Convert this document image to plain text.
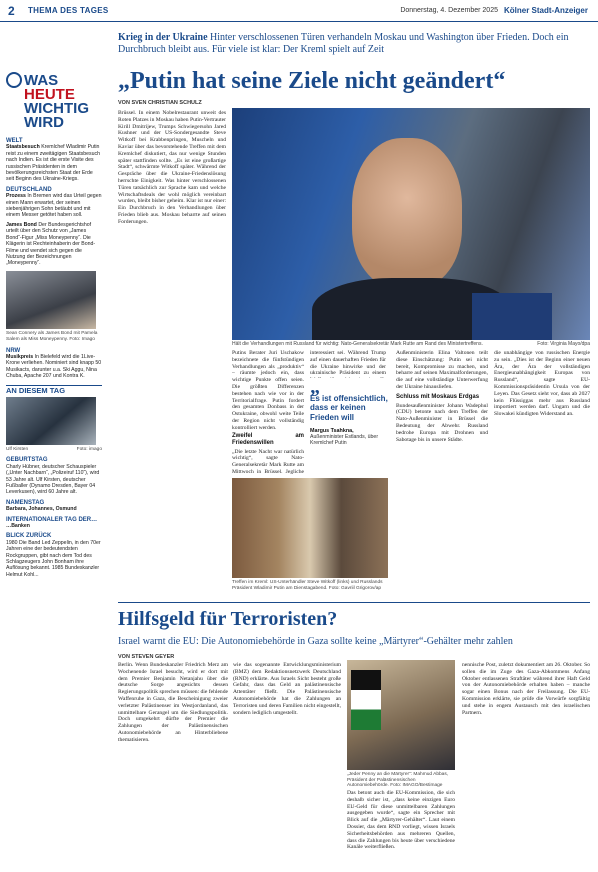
2	THEMA DES TAGES	Donnerstag, 4. Dezember 2025 Kölner Stadt-Anzeiger
WAS HEUTE
WICHTIG
WIRD
WELT
Staatsbesuch Kremlchef Wladimir Putin reist zu einem zweitägigen Staatsbesuch nach Indien. Es ist die erste Visite des russischen Präsidenten in dem bevölkerungsreichsten Staat der Erde seit Beginn des Ukraine-Kriegs.
DEUTSCHLAND
Prozess In Bremen wird das Urteil gegen einen Mann erwartet, der seinen siebenjährigen Sohn betäubt und mit einem Messer getötet haben soll.
James Bond Der Bundesgerichtshof urteilt über den Schutz von „James Bond“-Figur „Miss Moneypenny“. Die Klägerin ist Rechteinhaberin der Bond-Filme und wendet sich gegen die Nutzung der Bezeichnungen „Moneypenny“.
Sean Connery als James Bond mit Pamela Salem als Miss Moneypenny. Foto: Imago
NRW
Musikpreis In Bielefeld wird die 1Live-Krone verliehen. Nominiert sind knapp 50 Musikacts, darunter u.a. Ski Aggu, Nina Chuba, Apache 207 und Kontra K.
AN DIESEM TAG
Ulf Kirsten	Foto: imago
GEBURTSTAG
Charly Hübner, deutscher Schauspieler („Unter Nachbarn“, „Polizeiruf 110“), wird 53 Jahre alt. Ulf Kirsten, deutscher Fußballer (Dynamo Dresden, Bayer 04 Leverkusen), wird 60 Jahre alt.
NAMENSTAG
Barbara, Johannes, Osmund
INTERNATIONALER TAG DER…
…Banken
BLICK ZURÜCK
1980 Die Band Led Zeppelin, in den 70er Jahren eine der bedeutendsten Rockgruppen, gibt nach dem Tod des Schlagzeugers John Bonham ihre Auflösung bekannt. 1985 Bundeskanzler Helmut Kohl...
Krieg in der Ukraine Hinter verschlossenen Türen verhandeln Moskau und Washington über Frieden. Doch ein Durchbruch bleibt aus. Für viele ist klar: Der Kreml spielt auf Zeit
„Putin hat seine Ziele nicht geändert“
VON SVEN CHRISTIAN SCHULZ

Brüssel. In einem Nobelrestaurant unweit des Roten Platzes in Moskau haben Putin-Vertrauter Kirill Dmitrijew, Trumps Schwiegersohn Jared Kushner und der US-Sondergesandte Steve Witkoff bei Krabbenpringen, Muscheln und Kaviar über das bevorstehende Treffen mit dem Kremlchef diskutiert, das nur wenige Stunden später stattfinden sollte. „Es ist eine großartige Stadt“, schwärmte Witkoff später. Während der Gespräche über die Ukraine-Friedenslösung herrschte Einigkeit. Was hinter verschlossenen Türen tatsächlich zur Sprache kam und welche Wirtschaftsdeals der wohl möglich vereinbart wurden, bleibt bisher geheim. Klar ist nur einer: Ein Durchbruch in den Verhandlungen über Frieden blieb aus. Moskau beharrte auf seinen Forderungen.

Hält die Verhandlungen mit Russland für wichtig: Nato-Generalsekretär Mark Rutte am Rand des Ministertreffens.	Foto: Virginia Mayo/dpa

Putins Berater Juri Uschakow bezeichnete die fünfstündigen Verhandlungen als „produktiv“ – räumte jedoch ein, dass wichtige Punkte offen seien. Die größten Differenzen bestehen nach wie vor in der Territorialfrage. Putin fordert den gesamten Donbass in der Ostukraine, obwohl weite Teile der Region nicht vollständig kontrolliert werden.

„
Es ist offensichtlich, dass er keinen Frieden will
Margus Tsahkna,
Außenminister Estlands, über Kremlchef Putin

interessiert sei. Während Trump auf einen dauerhaften Frieden für die Ukraine hinwirke und der ukrainische Präsident zu einem

Außenministerin Elina Valtonen teilt diese Einschätzung: Putin sei nicht bereit, Kompromisse zu machen, und beharre auf seinen Maximalforderungen, die auf eine vollständige Unterwerfung der Ukraine hinausliefen.

Schluss mit Moskaus Erdgas

Bundesaußenminister Johann Wadephul (CDU) betonte nach dem Treffen der Nato-Außenminister in Brüssel die Bedeutung der Abwehr. Russland bedrohe Europa mit Drohnen und Sabotage bis in unsere Städte.

die unabhängige von russischen Energie zu sein. „Dies ist der Beginn einer neuen Ära, der Ära der vollständigen Energieunabhängigkeit Europas von Russland“, sagte EU-Kommissionspräsidentin Ursula von der Leyen. Das Gesetz sieht vor, dass ab 2027 kein Flüssiggas mehr aus Russland importiert werden darf. Ungarn und die Slowakei kündigten Widerstand an.

Treffen im Kreml: US-Unterhändler Steve Witkoff (links) und Russlands Präsident Wladimir Putin am Dienstagabend. Foto: Gavriil Grigorov/ap
Zweifel am Friedenswillen

„Die letzte Nacht war natürlich wichtig“, sagte Nato-Generalsekretär Mark Rutte am Mittwoch in Brüssel. Jegliche

Hilfsgeld für Terroristen?
Israel warnt die EU: Die Autonomiebehörde in Gaza sollte keine „Märtyrer“-Gehälter mehr zahlen
VON STEVEN GEYER

Berlin. Wenn Bundeskanzler Friedrich Merz am Wochenende Israel besucht, wird er dort mit dem Premier Benjamin Netanjahu über die deutsche Sorge angesichts dessen Regierungspolitik sprechen müssen: die fehlende Waffenruhe in Gaza, die Bescheinigung zweier verletzter Palästinenser im Westjordanland, das unmittelbare Gerangel um die Siedlungspolitik. Doch umgekehrt dürfte der Premier die Zahlungen der Palästinensischen Autonomiebehörde an Hinterbliebene thematisieren.

wie das sogenannte Entwicklungsministerium (BMZ) dem Redaktionsnetzwerk Deutschland (RND) erklärte. Aus Israels Sicht besteht große Gefahr, dass das Geld an palästinensische Attentäter fließt. Die Palästinensische Autonomiebehörde hat die Zahlungen an Terroristen und deren Familien nicht eingestellt, sondern lediglich umgestellt.

„Jeder Penny an die Märtyrer“: Mahmud Abbas, Präsident der Palästinensischen Autonomiebehörde. Foto: IMAGO/Bestimage

Das betont auch die EU-Kommission, die sich deshalb sicher ist, „dass keine einzigen Euro EU-Geld für diese unmittelbaren Zahlungen ausgegeben wurde“, sagte ein Sprecher mit Blick auf die „Märtyrer-Gehälter“. Laut einem Dossier, das dem RND vorliegt, wissen Israels Sicherheitsbehörden aus mehreren Quellen, dass die Zahlungen bis heute über verschiedene Kanäle weiterfließen.

nennische Post, zuletzt dokumentiert am 26. Oktober. So sollen die im Zuge des Gaza-Abkommens Anfang Oktober entlassenen Straftäter während ihrer Haft Geld von der Autonomiebehörde erhalten haben – manche sogar einen Bonus nach der Freilassung. Die EU-Kommission erklärte, sie prüfe die Vorwürfe sorgfältig und stehe in engem Austausch mit den israelischen Partnern.
